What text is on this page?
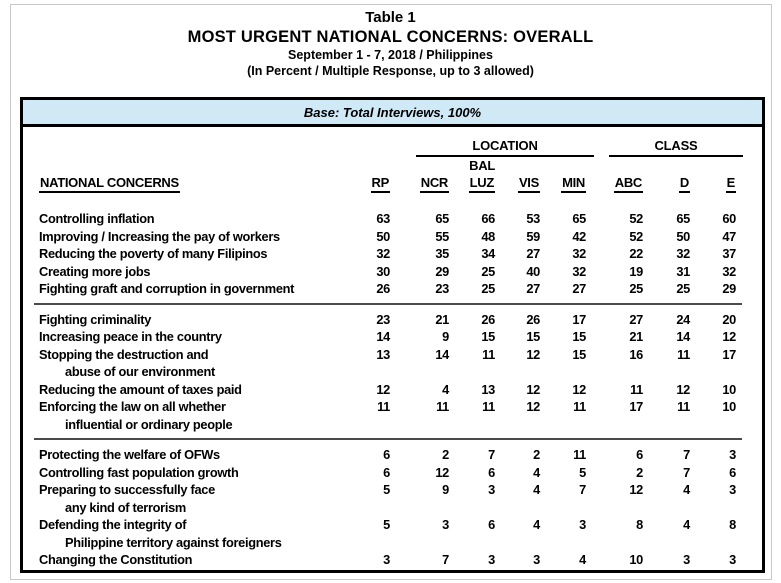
Table 1
MOST URGENT NATIONAL CONCERNS: OVERALL
September 1 - 7, 2018 / Philippines
(In Percent / Multiple Response, up to 3 allowed)
Base: Total Interviews, 100%
LOCATION	CLASS
BAL
NATIONAL CONCERNS	RP	NCR	LUZ	VIS	MIN	ABC	D	E
Controlling inflation	63	65	66	53	65	52	65	60
Improving / Increasing the pay of workers	50	55	48	59	42	52	50	47
Reducing the poverty of many Filipinos	32	35	34	27	32	22	32	37
Creating more jobs	30	29	25	40	32	19	31	32
Fighting graft and corruption in government	26	23	25	27	27	25	25	29
Fighting criminality	23	21	26	26	17	27	24	20
Increasing peace in the country	14	9	15	15	15	21	14	12
Stopping the destruction and
abuse of our environment
13	14	11	12	15	16	11	17
Reducing the amount of taxes paid	12	4	13	12	12	11	12	10
Enforcing the law on all whether
influential or ordinary people
11	11	11	12	11	17	11	10
Protecting the welfare of OFWs	6	2	7	2	11	6	7	3
Controlling fast population growth	6	12	6	4	5	2	7	6
Preparing to successfully face
any kind of terrorism
5	9	3	4	7	12	4	3
Defending the integrity of
Philippine territory against foreigners
5	3	6	4	3	8	4	8
Changing the Constitution	3	7	3	3	4	10	3	3
